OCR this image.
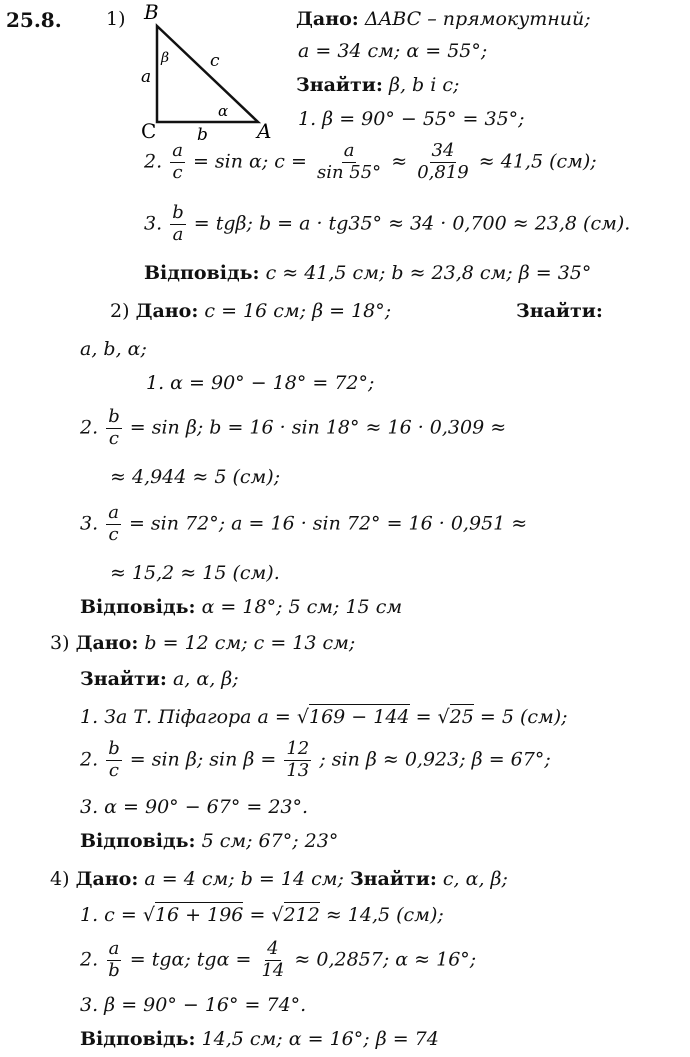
25.8. 1) B
C	A
a
b
c
β
α
Дано: ΔABC – прямокутний;
a = 34 см; α = 55°;
Знайти: β, b і c;
1. β = 90° − 55° = 35°;
2. $\frac{a}{c} = \sin \alpha$; $c = \frac{a}{\sin 55^\circ} \approx \frac{34}{0,819} \approx 41,5$ (см);
3. $\frac{b}{a} = tg\beta$; b = a · tg35° ≈ 34 · 0,700 ≈ 23,8 (см).
Відповідь: c ≈ 41,5 см; b ≈ 23,8 см; β = 35°
2) Дано: c = 16 см; β = 18°;	Знайти:
a, b, α;
1. α = 90° − 18° = 72°;
2. $\frac{b}{c} = \sin \beta$; b = 16 · sin 18° ≈ 16 · 0,309 ≈
≈ 4,944 ≈ 5 (см);
3. $\frac{a}{c} = \sin 72^\circ$; a = 16 · sin 72° = 16 · 0,951 ≈
≈ 15,2 ≈ 15 (см).
Відповідь: α = 18°; 5 см; 15 см
3) Дано: b = 12 см; c = 13 см;
Знайти: a, α, β;
1. За Т. Піфагора a = √169 − 144 = √25 = 5 (см);
2. $\frac{b}{c} = \sin \beta$; $\sin \beta = \frac{12}{13}$ ; sin β ≈ 0,923; β = 67°;
3. α = 90° − 67° = 23°.
Відповідь: 5 см; 67°; 23°
4) Дано: a = 4 см; b = 14 см; Знайти: c, α, β;
1. c = √16 + 196 = √212 ≈ 14,5 (см);
2. $\frac{a}{b} = tg\alpha$; $tg\alpha = \frac{4}{14} \approx 0,2857$; α ≈ 16°;
3. β = 90° − 16° = 74°.
Відповідь: 14,5 см; α = 16°; β = 74
